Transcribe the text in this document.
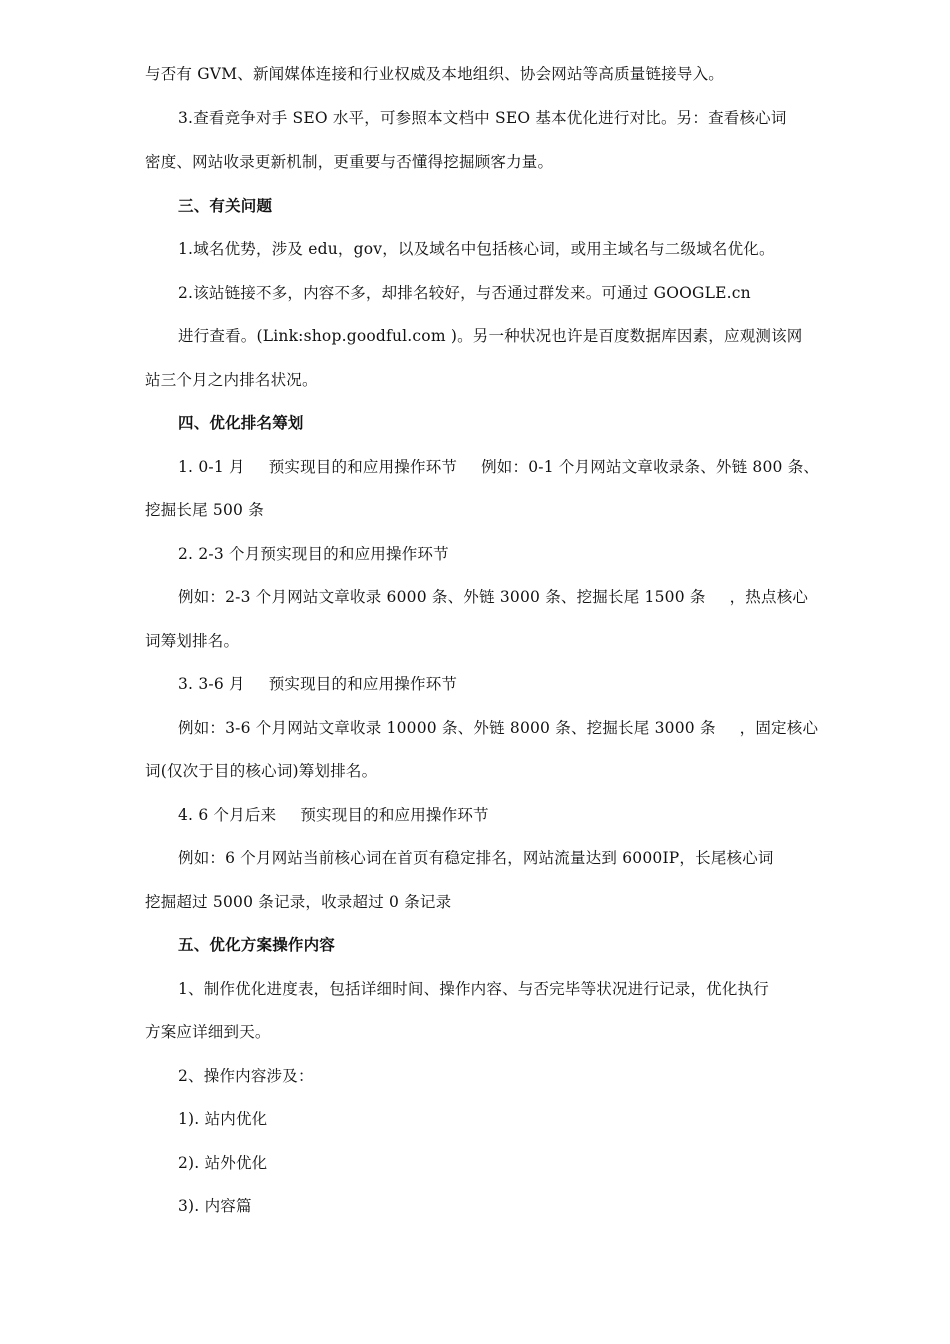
与否有 GVM、新闻媒体连接和行业权威及本地组织、协会网站等高质量链接导入。
3.查看竞争对手 SEO 水平，可参照本文档中 SEO 基本优化进行对比。另：查看核心词
密度、网站收录更新机制，更重要与否懂得挖掘顾客力量。
三、有关问题
1.域名优势，涉及 edu，gov，以及域名中包括核心词，或用主域名与二级域名优化。
2.该站链接不多，内容不多，却排名较好，与否通过群发来。可通过 GOOGLE.cn
进行查看。(Link:shop.goodful.com )。另一种状况也许是百度数据库因素，应观测该网
站三个月之内排名状况。
四、优化排名筹划
1. 0-1 月 预实现目的和应用操作环节 例如：0-1 个月网站文章收录条、外链 800 条、
挖掘长尾 500 条
2. 2-3 个月预实现目的和应用操作环节
例如：2-3 个月网站文章收录 6000 条、外链 3000 条、挖掘长尾 1500 条 ，热点核心
词筹划排名。
3. 3-6 月 预实现目的和应用操作环节
例如：3-6 个月网站文章收录 10000 条、外链 8000 条、挖掘长尾 3000 条 ，固定核心
词(仅次于目的核心词)筹划排名。
4. 6 个月后来 预实现目的和应用操作环节
例如：6 个月网站当前核心词在首页有稳定排名，网站流量达到 6000IP，长尾核心词
挖掘超过 5000 条记录，收录超过 0 条记录
五、优化方案操作内容
1、制作优化进度表，包括详细时间、操作内容、与否完毕等状况进行记录，优化执行
方案应详细到天。
2、操作内容涉及：
1). 站内优化
2). 站外优化
3). 内容篇
